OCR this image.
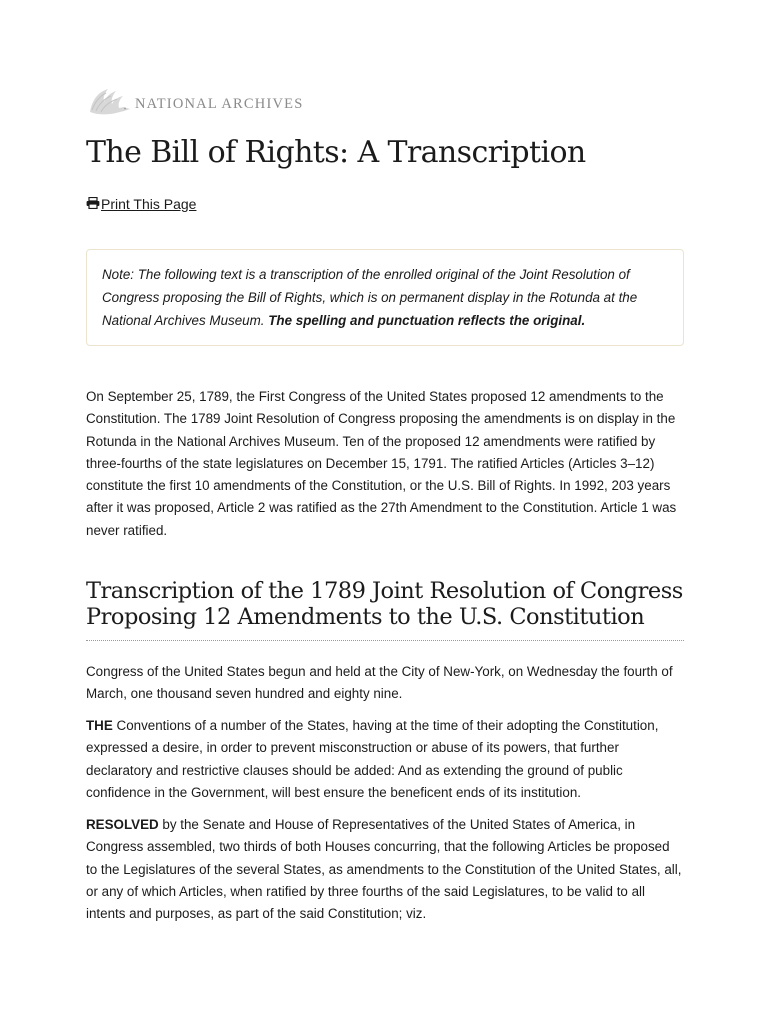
NATIONAL ARCHIVES
The Bill of Rights: A Transcription
Print This Page
Note: The following text is a transcription of the enrolled original of the Joint Resolution of Congress proposing the Bill of Rights, which is on permanent display in the Rotunda at the National Archives Museum. The spelling and punctuation reflects the original.

On September 25, 1789, the First Congress of the United States proposed 12 amendments to the Constitution. The 1789 Joint Resolution of Congress proposing the amendments is on display in the Rotunda in the National Archives Museum. Ten of the proposed 12 amendments were ratified by three-fourths of the state legislatures on December 15, 1791. The ratified Articles (Articles 3–12) constitute the first 10 amendments of the Constitution, or the U.S. Bill of Rights. In 1992, 203 years after it was proposed, Article 2 was ratified as the 27th Amendment to the Constitution. Article 1 was never ratified.

Transcription of the 1789 Joint Resolution of Congress Proposing 12 Amendments to the U.S. Constitution

Congress of the United States begun and held at the City of New-York, on Wednesday the fourth of March, one thousand seven hundred and eighty nine.

THE Conventions of a number of the States, having at the time of their adopting the Constitution, expressed a desire, in order to prevent misconstruction or abuse of its powers, that further declaratory and restrictive clauses should be added: And as extending the ground of public confidence in the Government, will best ensure the beneficent ends of its institution.

RESOLVED by the Senate and House of Representatives of the United States of America, in Congress assembled, two thirds of both Houses concurring, that the following Articles be proposed to the Legislatures of the several States, as amendments to the Constitution of the United States, all, or any of which Articles, when ratified by three fourths of the said Legislatures, to be valid to all intents and purposes, as part of the said Constitution; viz.
